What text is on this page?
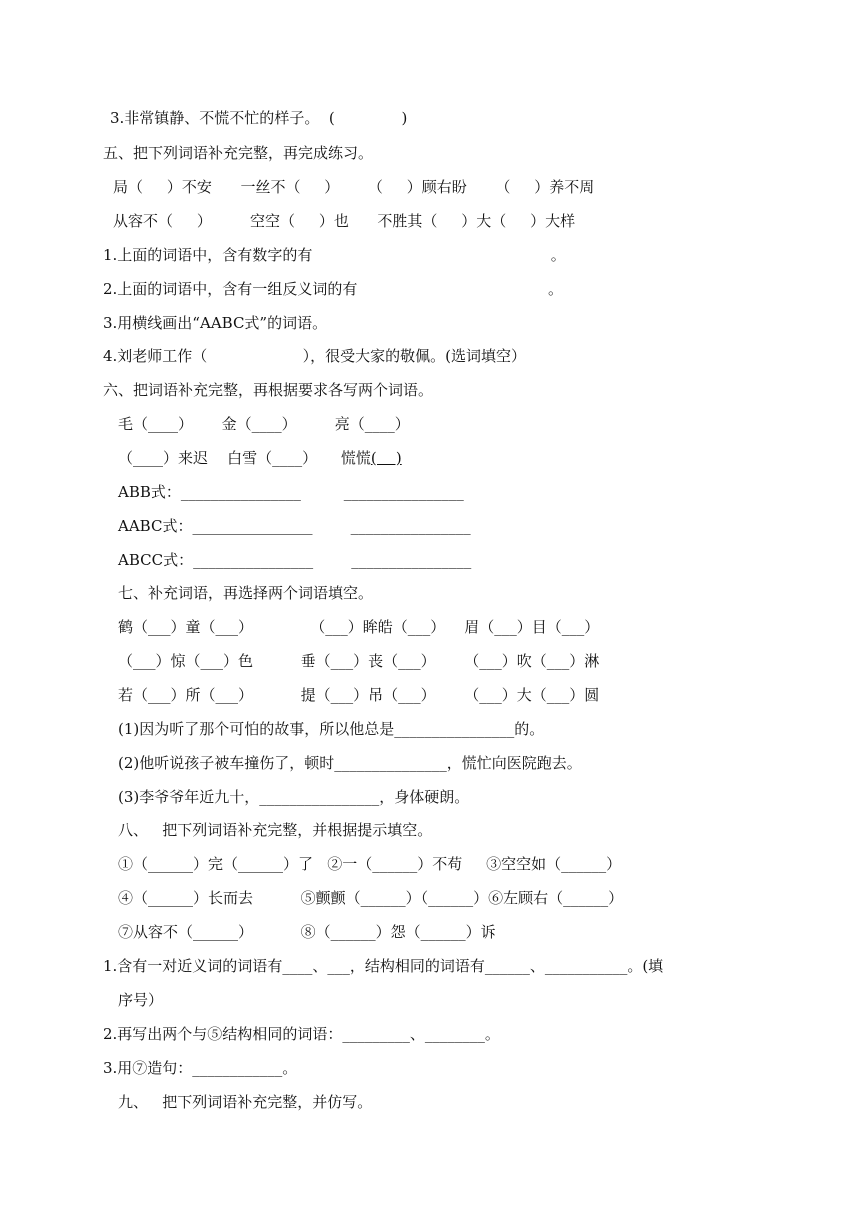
3.非常镇静、不慌不忙的样子。  (              )
五、把下列词语补充完整，再完成练习。
局（     ）不安      一丝不（     ）      （     ）顾右盼      （     ）养不周
从容不（     ）        空空（     ）也      不胜其（     ）大（     ）大样
1.上面的词语中，含有数字的有                                                  。
2.上面的词语中，含有一组反义词的有                                        。
3.用横线画出“AABC式”的词语。
4.刘老师工作（                    ），很受大家的敬佩。(选词填空）
六、把词语补充完整，再根据要求各写两个词语。
毛（____）      金（____）        亮（____）
（____）来迟    白雪（____）     慌慌(    )
ABB式：________________         ________________
AABC式：________________        ________________
ABCC式：________________        ________________
七、补充词语，再选择两个词语填空。
鹤（___）童（___）            （___）眸皓（___）    眉（___）目（___）
（___）惊（___）色          垂（___）丧（___）      （___）吹（___）淋
若（___）所（___）          提（___）吊（___）      （___）大（___）圆
(1)因为听了那个可怕的故事，所以他总是________________的。
(2)他听说孩子被车撞伤了，顿时_______________，慌忙向医院跑去。
(3)李爷爷年近九十，________________，身体硬朗。
八、   把下列词语补充完整，并根据提示填空。
①（______）完（______）了   ②一（______）不苟     ③空空如（______）
④（______）长而去          ⑤颤颤（______）（______）⑥左顾右（______）
⑦从容不（______）          ⑧（______）怨（______）诉
1.含有一对近义词的词语有____、___，结构相同的词语有______、___________。(填
序号）
2.再写出两个与⑤结构相同的词语：_________、________。
3.用⑦造句：____________。
九、   把下列词语补充完整，并仿写。
